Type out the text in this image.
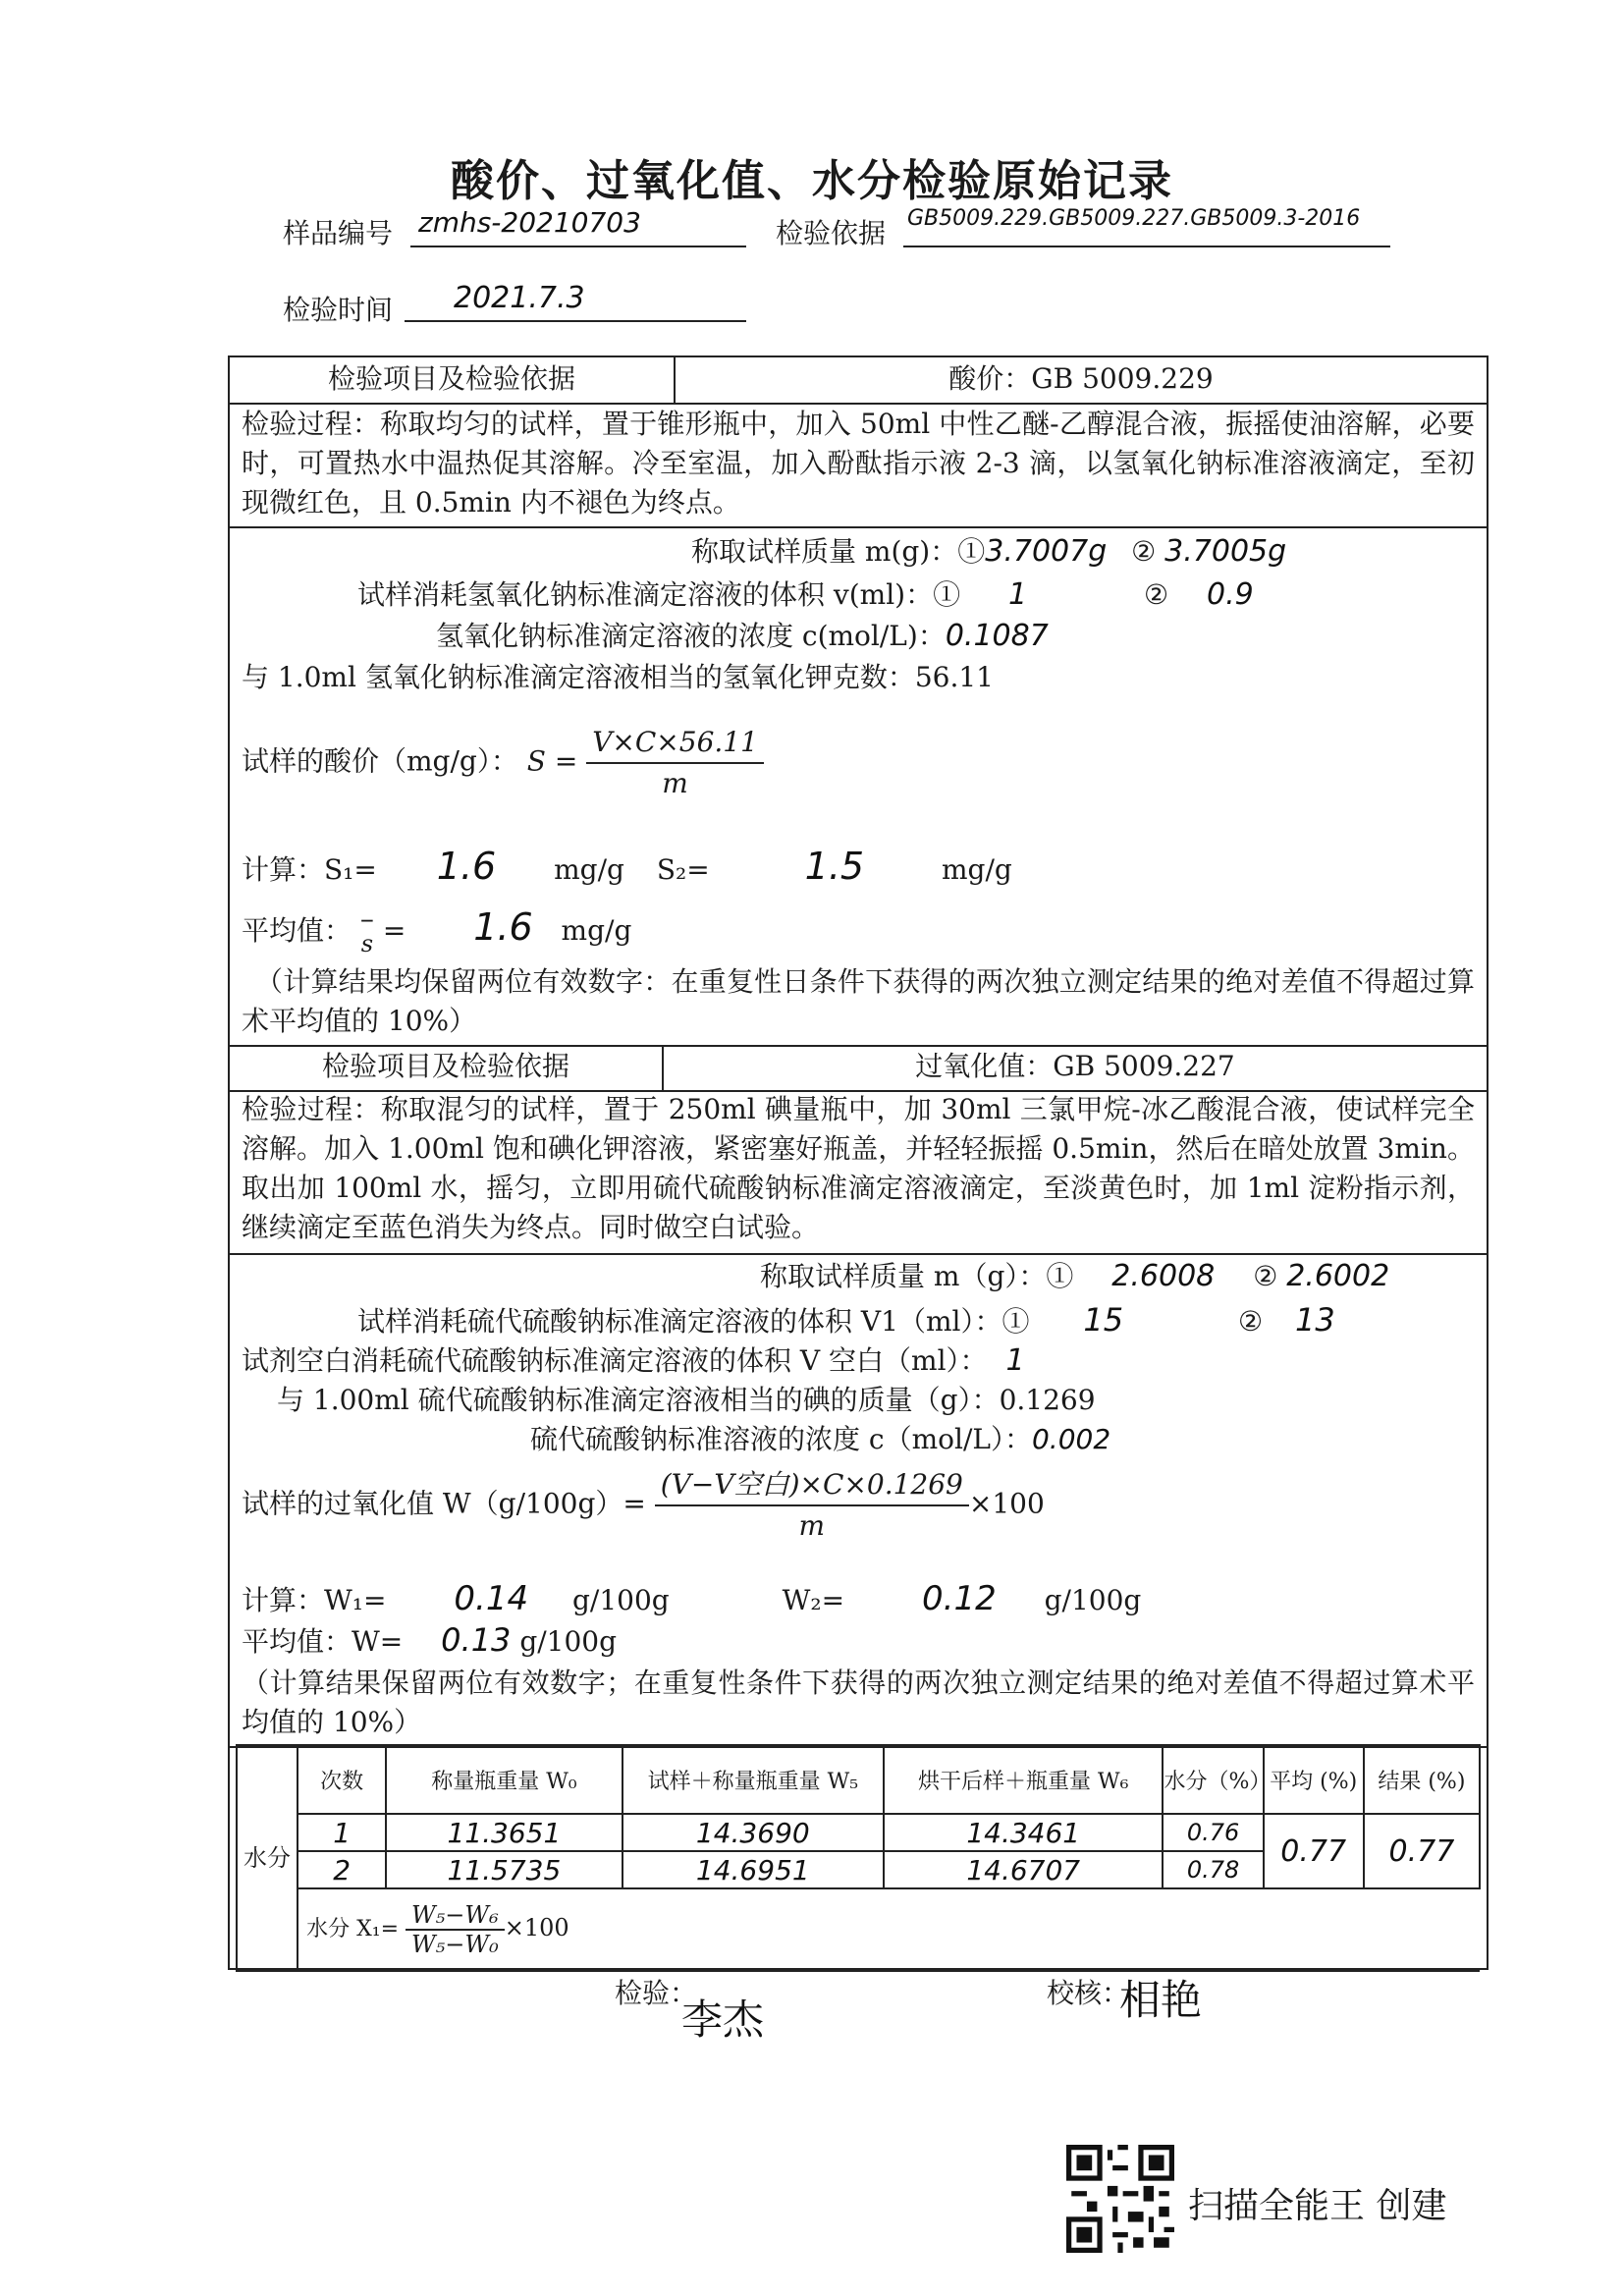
酸价、过氧化值、水分检验原始记录
样品编号 zmhs-20210703	检验依据 GB5009.229.GB5009.227.GB5009.3-2016
检验时间	2021.7.3
检验项目及检验依据	酸价：GB 5009.229
检验过程：称取均匀的试样，置于锥形瓶中，加入 50ml 中性乙醚-乙醇混合液，振摇使油溶解，必要时，可置热水中温热促其溶解。冷至室温，加入酚酞指示液 2-3 滴，以氢氧化钠标准溶液滴定，至初现微红色，且 0.5min 内不褪色为终点。
称取试样质量 m(g)：①3.7007g ② 3.7005g
试样消耗氢氧化钠标准滴定溶液的体积 v(ml)：① 1	② 0.9
氢氧化钠标准滴定溶液的浓度 c(mol/L)：0.1087
与 1.0ml 氢氧化钠标准滴定溶液相当的氢氧化钾克数：56.11
试样的酸价（mg/g）： $S = \frac{V\times C\times 56.11}{m}$
计算：S₁= 1.6 mg/g S₂=	1.5	mg/g
平均值： –
s = 1.6 mg/g
（计算结果均保留两位有效数字：在重复性日条件下获得的两次独立测定结果的绝对差值不得超过算术平均值的 10%）
检验项目及检验依据	过氧化值：GB 5009.227
检验过程：称取混匀的试样，置于 250ml 碘量瓶中，加 30ml 三氯甲烷-冰乙酸混合液，使试样完全溶解。加入 1.00ml 饱和碘化钾溶液，紧密塞好瓶盖，并轻轻振摇 0.5min，然后在暗处放置 3min。取出加 100ml 水，摇匀，立即用硫代硫酸钠标准滴定溶液滴定，至淡黄色时，加 1ml 淀粉指示剂，继续滴定至蓝色消失为终点。同时做空白试验。
称取试样质量 m（g）：① 2.6008 ② 2.6002
试样消耗硫代硫酸钠标准滴定溶液的体积 V1（ml）：① 15	② 13
试剂空白消耗硫代硫酸钠标准滴定溶液的体积 V 空白（ml）： 1
与 1.00ml 硫代硫酸钠标准滴定溶液相当的碘的质量（g）：0.1269
硫代硫酸钠标准溶液的浓度 c（mol/L）：0.002
试样的过氧化值 $W(g/100g)= \frac{\text{(V−V空白)×C×0.1269}}{m} \times 100$
计算：W₁= 0.14 g/100g	W₂= 0.12 g/100g
平均值：W= 0.13 g/100g
（计算结果保留两位有效数字；在重复性条件下获得的两次独立测定结果的绝对差值不得超过算术平均值的 10%）
水分	次数	称量瓶重量 W₀	试样＋称量瓶重量 W₅	烘干后样＋瓶重量 W₆	水分（%）	平均 (%)	结果 (%)
	1	11.3651	14.3690	14.3461	0.76	0.77	0.77
	2	11.5735	14.6951	14.6707	0.78		
	水分 $X_1= \frac{\text{W₅−W₆}}{\text{W₅−W₀}} \times 100$						
检验：
李杰
校核：
相艳
扫描全能王 创建
